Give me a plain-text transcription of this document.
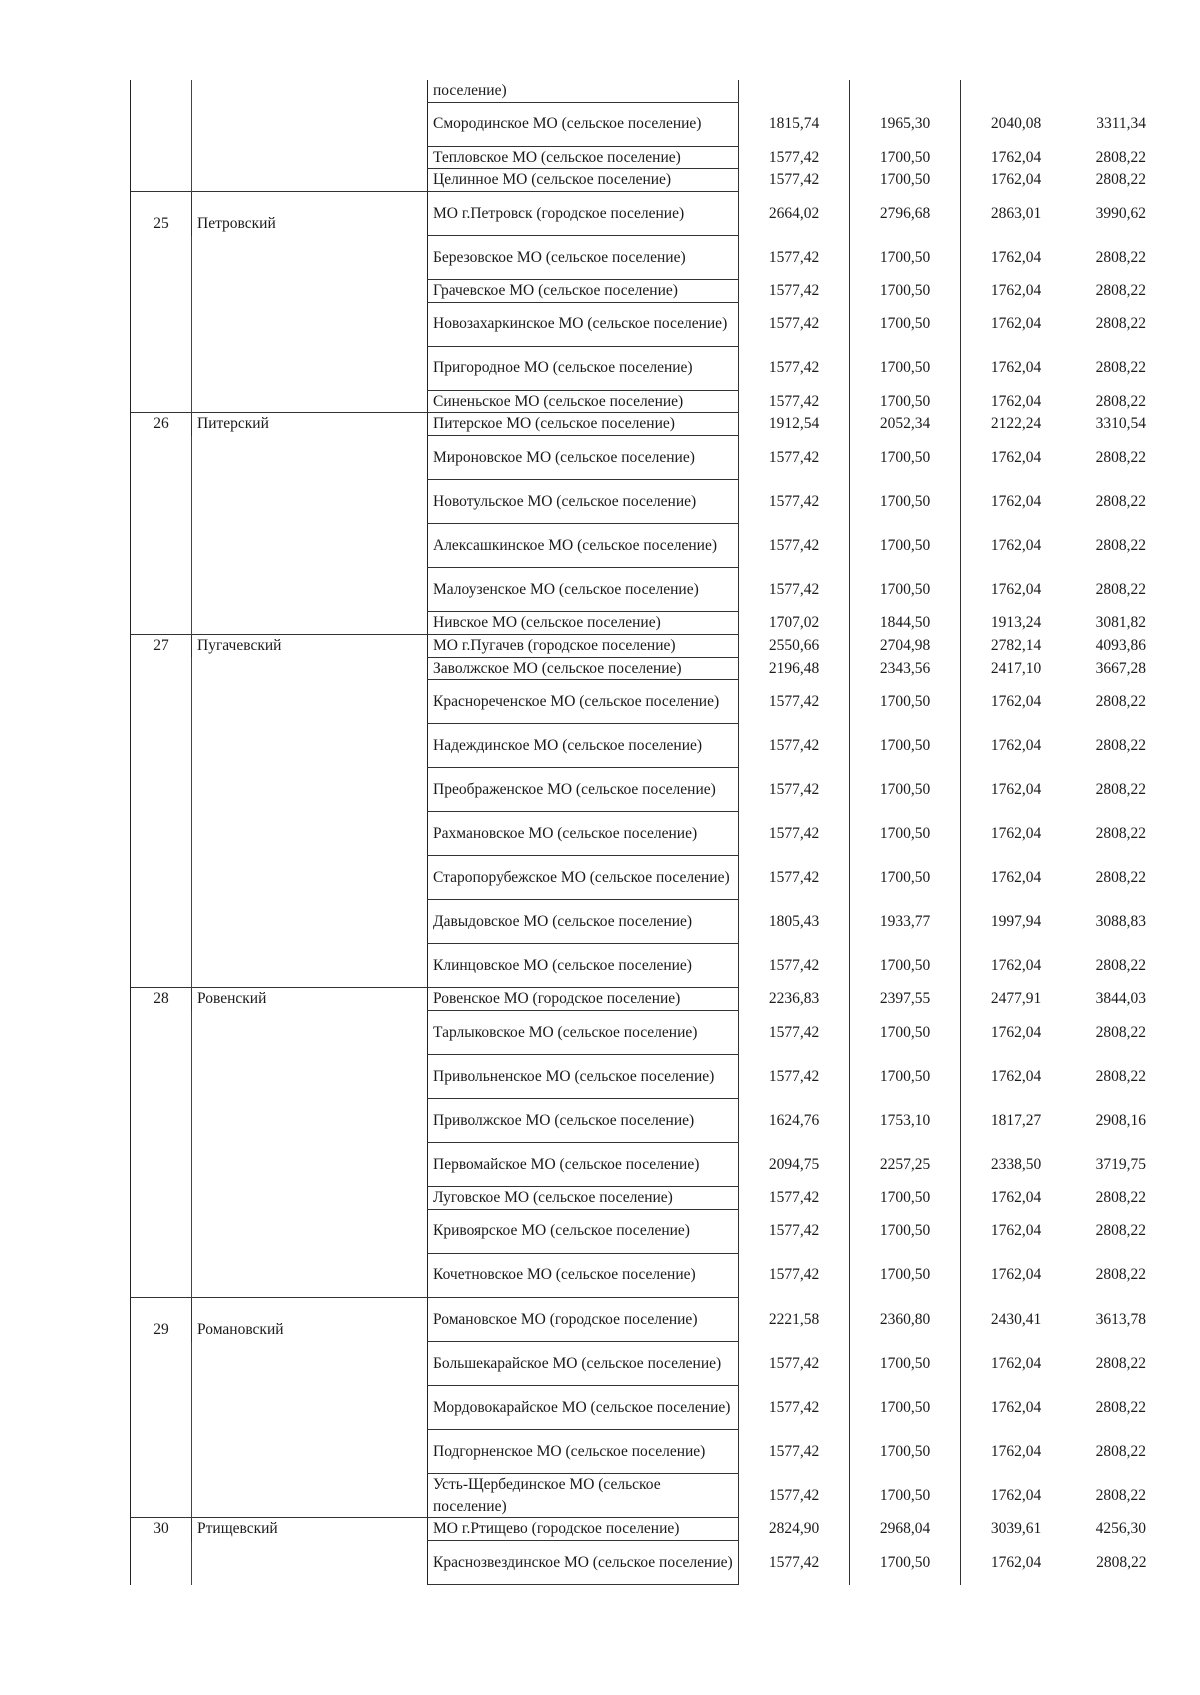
		поселение)				
		Смородинское МО (сельское поселение)	1815,74	1965,30	2040,08	3311,34
		Тепловское МО (сельское поселение)	1577,42	1700,50	1762,04	2808,22
		Целинное МО (сельское поселение)	1577,42	1700,50	1762,04	2808,22
25	Петровский	МО г.Петровск (городское поселение)	2664,02	2796,68	2863,01	3990,62
		Березовское МО (сельское поселение)	1577,42	1700,50	1762,04	2808,22
		Грачевское МО (сельское поселение)	1577,42	1700,50	1762,04	2808,22
		Новозахаркинское МО (сельское поселение)	1577,42	1700,50	1762,04	2808,22
		Пригородное МО (сельское поселение)	1577,42	1700,50	1762,04	2808,22
		Синеньское МО (сельское поселение)	1577,42	1700,50	1762,04	2808,22
26	Питерский	Питерское МО (сельское поселение)	1912,54	2052,34	2122,24	3310,54
		Мироновское МО (сельское поселение)	1577,42	1700,50	1762,04	2808,22
		Новотульское МО (сельское поселение)	1577,42	1700,50	1762,04	2808,22
		Алексашкинское МО (сельское поселение)	1577,42	1700,50	1762,04	2808,22
		Малоузенское МО (сельское поселение)	1577,42	1700,50	1762,04	2808,22
		Нивское МО (сельское поселение)	1707,02	1844,50	1913,24	3081,82
27	Пугачевский	МО г.Пугачев (городское поселение)	2550,66	2704,98	2782,14	4093,86
		Заволжское МО (сельское поселение)	2196,48	2343,56	2417,10	3667,28
		Краснореченское МО (сельское поселение)	1577,42	1700,50	1762,04	2808,22
		Надеждинское МО (сельское поселение)	1577,42	1700,50	1762,04	2808,22
		Преображенское МО (сельское поселение)	1577,42	1700,50	1762,04	2808,22
		Рахмановское МО (сельское поселение)	1577,42	1700,50	1762,04	2808,22
		Старопорубежское МО (сельское поселение)	1577,42	1700,50	1762,04	2808,22
		Давыдовское МО (сельское поселение)	1805,43	1933,77	1997,94	3088,83
		Клинцовское МО (сельское поселение)	1577,42	1700,50	1762,04	2808,22
28	Ровенский	Ровенское МО (городское поселение)	2236,83	2397,55	2477,91	3844,03
		Тарлыковское МО (сельское поселение)	1577,42	1700,50	1762,04	2808,22
		Привольненское МО (сельское поселение)	1577,42	1700,50	1762,04	2808,22
		Приволжское МО (сельское поселение)	1624,76	1753,10	1817,27	2908,16
		Первомайское МО (сельское поселение)	2094,75	2257,25	2338,50	3719,75
		Луговское МО (сельское поселение)	1577,42	1700,50	1762,04	2808,22
		Кривоярское МО (сельское поселение)	1577,42	1700,50	1762,04	2808,22
		Кочетновское МО (сельское поселение)	1577,42	1700,50	1762,04	2808,22
29	Романовский	Романовское МО (городское поселение)	2221,58	2360,80	2430,41	3613,78
		Большекарайское МО (сельское поселение)	1577,42	1700,50	1762,04	2808,22
		Мордовокарайское МО (сельское поселение)	1577,42	1700,50	1762,04	2808,22
		Подгорненское МО (сельское поселение)	1577,42	1700,50	1762,04	2808,22
		Усть-Щербединское МО (сельское поселение)	1577,42	1700,50	1762,04	2808,22
30	Ртищевский	МО г.Ртищево (городское поселение)	2824,90	2968,04	3039,61	4256,30
		Краснозвездинское МО (сельское поселение)	1577,42	1700,50	1762,04	2808,22
